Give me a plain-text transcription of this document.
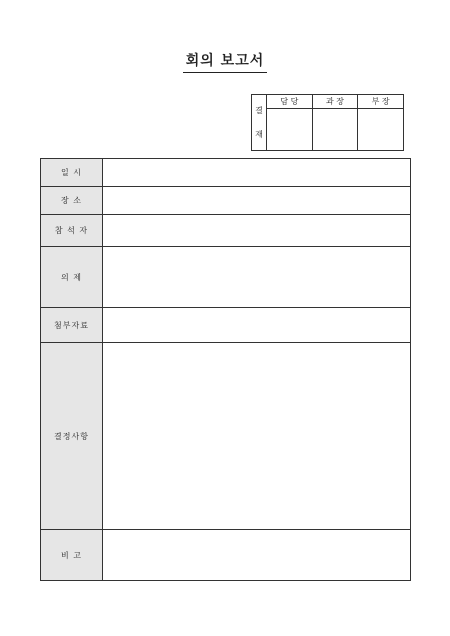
회의 보고서
결
재	담 당	과 장	부 장

일 시	
장 소	
참 석 자	
의 제	
첨부자료	
결정사항	
비 고	
